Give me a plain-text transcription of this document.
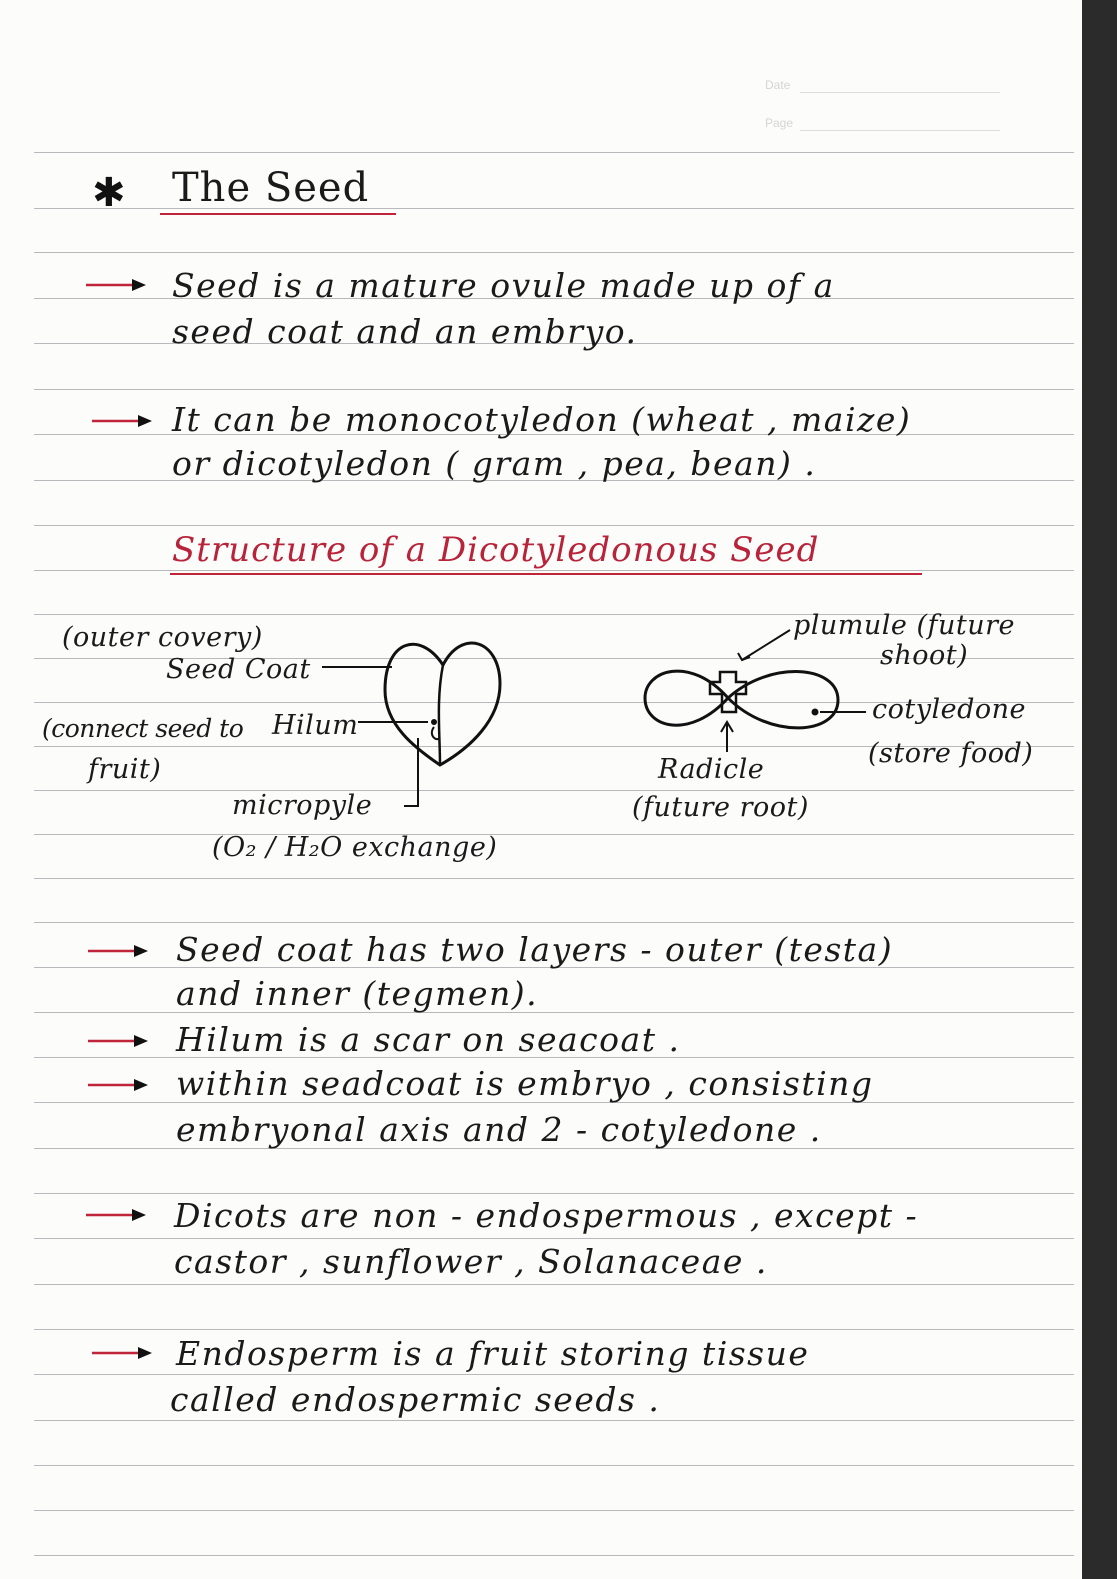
Date
Page
✱ The Seed
Seed is a mature ovule made up of a
seed coat and an embryo.
It can be monocotyledon (wheat , maize)
or dicotyledon ( gram , pea, bean) .
Structure of a Dicotyledonous Seed
(outer covery)
Seed Coat
(connect seed to
fruit)
Hilum
micropyle
(O₂ / H₂O exchange)
plumule (future
shoot)
cotyledone
(store food)
Radicle
(future root)
Seed coat has two layers - outer (testa)
and inner (tegmen).
Hilum is a scar on seacoat .
within seadcoat is embryo , consisting
embryonal axis and 2 - cotyledone .
Dicots are non - endospermous , except -
castor , sunflower , Solanaceae .
Endosperm is a fruit storing tissue
called endospermic seeds .
